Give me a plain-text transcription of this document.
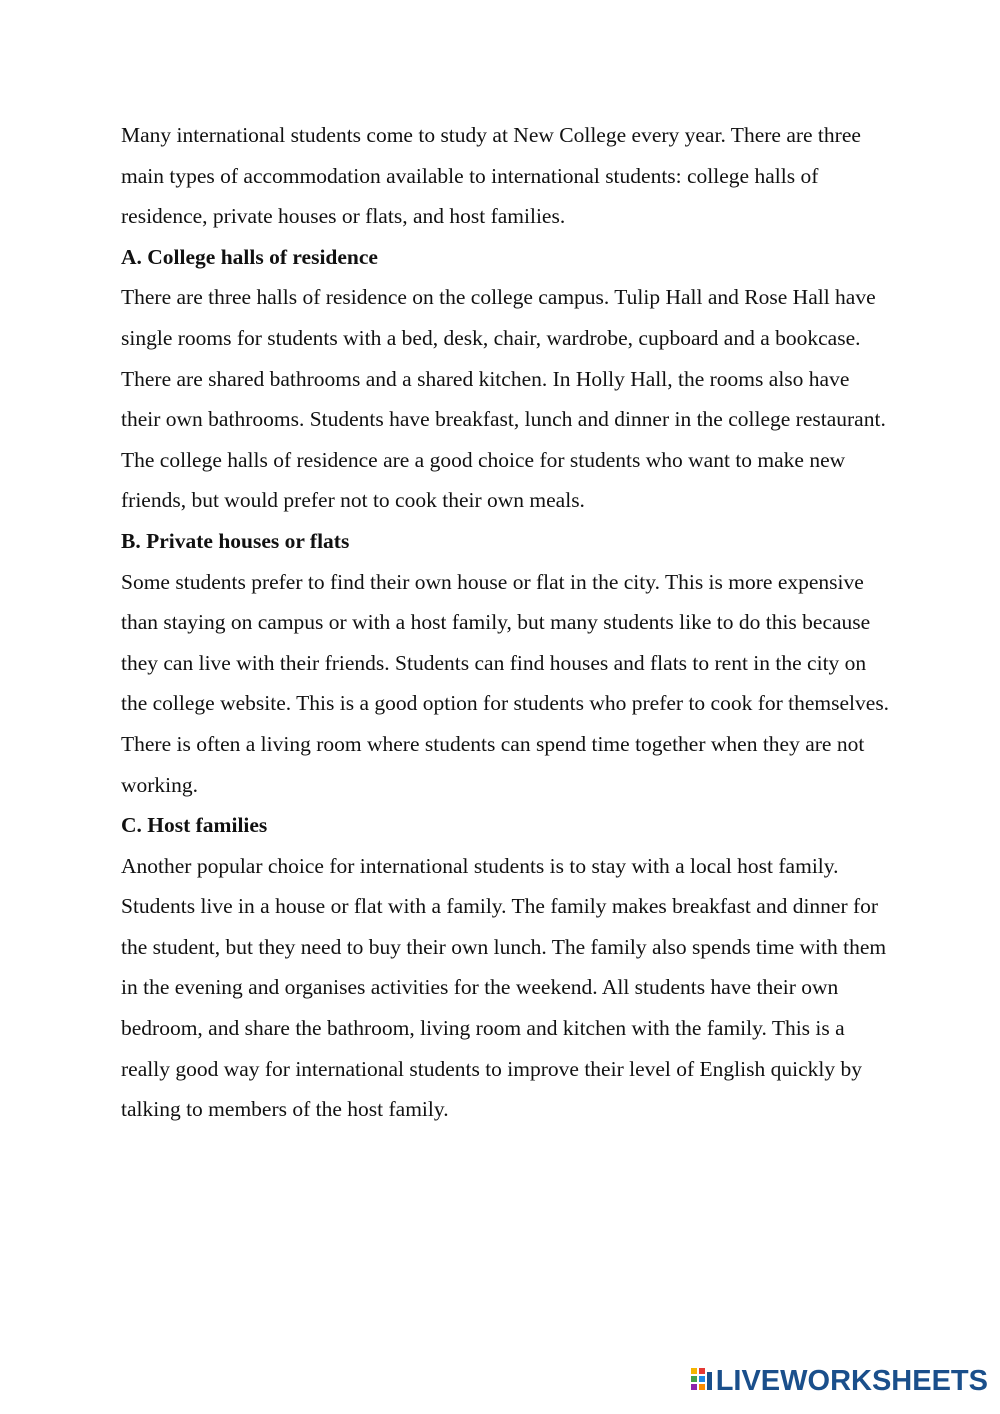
Many international students come to study at New College every year. There are three main types of accommodation available to international students: college halls of residence, private houses or flats, and host families.

A. College halls of residence

There are three halls of residence on the college campus. Tulip Hall and Rose Hall have single rooms for students with a bed, desk, chair, wardrobe, cupboard and a bookcase. There are shared bathrooms and a shared kitchen. In Holly Hall, the rooms also have their own bathrooms. Students have breakfast, lunch and dinner in the college restaurant. The college halls of residence are a good choice for students who want to make new friends, but would prefer not to cook their own meals.

B. Private houses or flats

Some students prefer to find their own house or flat in the city. This is more expensive than staying on campus or with a host family, but many students like to do this because they can live with their friends. Students can find houses and flats to rent in the city on the college website. This is a good option for students who prefer to cook for themselves. There is often a living room where students can spend time together when they are not working.

C. Host families

Another popular choice for international students is to stay with a local host family. Students live in a house or flat with a family. The family makes breakfast and dinner for the student, but they need to buy their own lunch. The family also spends time with them in the evening and organises activities for the weekend. All students have their own bedroom, and share the bathroom, living room and kitchen with the family. This is a really good way for international students to improve their level of English quickly by talking to members of the host family.

LIVEWORKSHEETS
